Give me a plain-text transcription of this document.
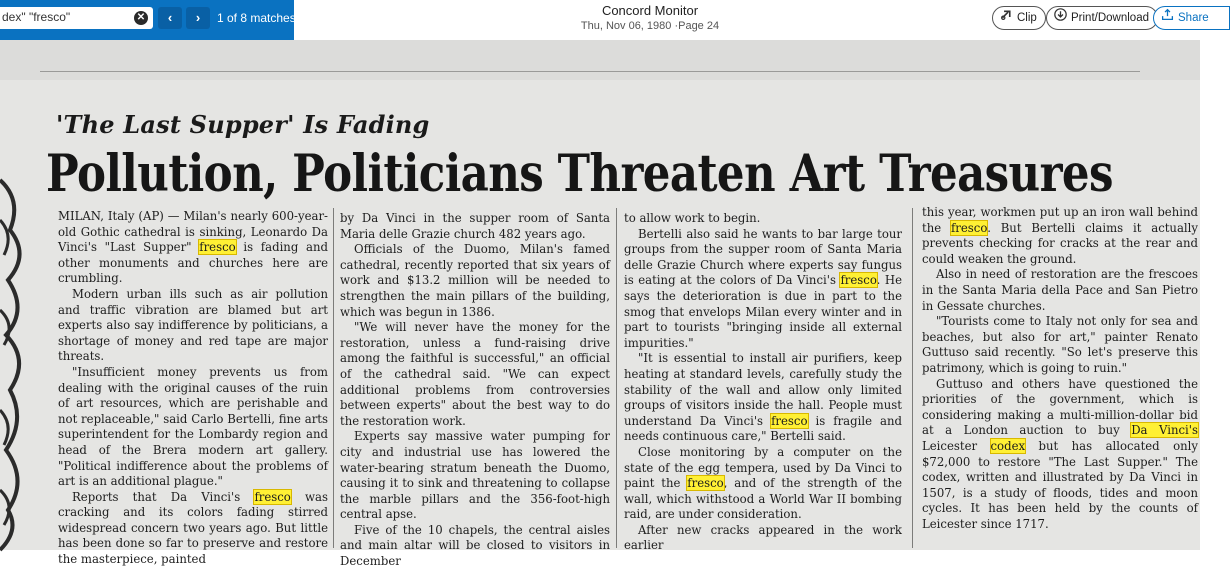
dex" "fresco"	✕	‹	›	1 of 8 matches	Concord Monitor
Thu, Nov 06, 1980 ·Page 24
Clip	Print/Download	Share
'The Last Supper' Is Fading
Pollution, Politicians Threaten Art Treasures

MILAN, Italy (AP) — Milan's nearly 600-year-old Gothic cathedral is sinking, Leonardo Da Vinci's "Last Supper" fresco is fading and other monuments and churches here are crumbling.

Modern urban ills such as air pollution and traffic vibration are blamed but art experts also say indifference by politicians, a shortage of money and red tape are major threats.

"Insufficient money prevents us from dealing with the original causes of the ruin of art resources, which are perishable and not replaceable," said Carlo Bertelli, fine arts superintendent for the Lombardy region and head of the Brera modern art gallery. "Political indifference about the problems of art is an additional plague."

Reports that Da Vinci's fresco was cracking and its colors fading stirred widespread concern two years ago. But little has been done so far to preserve and restore the masterpiece, painted

by Da Vinci in the supper room of Santa Maria delle Grazie church 482 years ago.

Officials of the Duomo, Milan's famed cathedral, recently reported that six years of work and $13.2 million will be needed to strengthen the main pillars of the building, which was begun in 1386.

"We will never have the money for the restoration, unless a fund-raising drive among the faithful is successful," an official of the cathedral said. "We can expect additional problems from controversies between experts" about the best way to do the restoration work.

Experts say massive water pumping for city and industrial use has lowered the water-bearing stratum beneath the Duomo, causing it to sink and threatening to collapse the marble pillars and the 356-foot-high central apse.

Five of the 10 chapels, the central aisles and main altar will be closed to visitors in December

to allow work to begin.

Bertelli also said he wants to bar large tour groups from the supper room of Santa Maria delle Grazie Church where experts say fungus is eating at the colors of Da Vinci's fresco. He says the deterioration is due in part to the smog that envelops Milan every winter and in part to tourists "bringing inside all external impurities."

"It is essential to install air purifiers, keep heating at standard levels, carefully study the stability of the wall and allow only limited groups of visitors inside the hall. People must understand Da Vinci's fresco is fragile and needs continuous care," Bertelli said.

Close monitoring by a computer on the state of the egg tempera, used by Da Vinci to paint the fresco, and of the strength of the wall, which withstood a World War II bombing raid, are under consideration.

After new cracks appeared in the work earlier

this year, workmen put up an iron wall behind the fresco. But Bertelli claims it actually prevents checking for cracks at the rear and could weaken the ground.

Also in need of restoration are the frescoes in the Santa Maria della Pace and San Pietro in Gessate churches.

"Tourists come to Italy not only for sea and beaches, but also for art," painter Renato Guttuso said recently. "So let's preserve this patrimony, which is going to ruin."

Guttuso and others have questioned the priorities of the government, which is considering making a multi-million-dollar bid at a London auction to buy Da Vinci's Leicester codex but has allocated only $72,000 to restore "The Last Supper." The codex, written and illustrated by Da Vinci in 1507, is a study of floods, tides and moon cycles. It has been held by the counts of Leicester since 1717.
